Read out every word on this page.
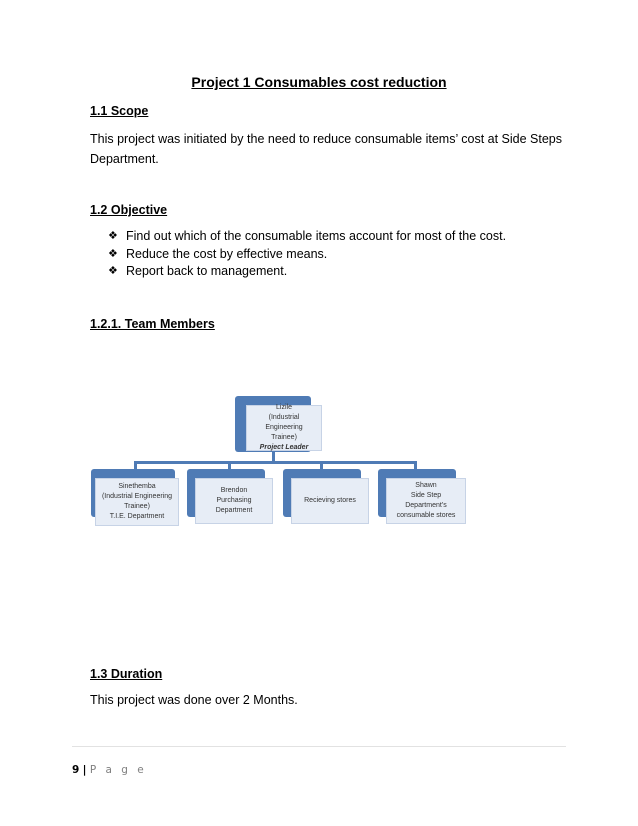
Project 1 Consumables cost reduction
1.1 Scope
This project was initiated by the need to reduce consumable items’ cost at Side Steps
Department.
1.2 Objective
❖ Find out which of the consumable items account for most of the cost.
❖ Reduce the cost by effective means.
❖ Report back to management.
1.2.1. Team Members
Lizile
(Industrial Engineering
Trainee)
Project Leader
Sinethemba
(Industrial Engineering
Trainee)
T.I.E. Department
Brendon
Purchasing Department
Recieving stores
Shawn
Side Step Department’s
consumable stores
1.3 Duration
This project was done over 2 Months.
9 | P a g e
